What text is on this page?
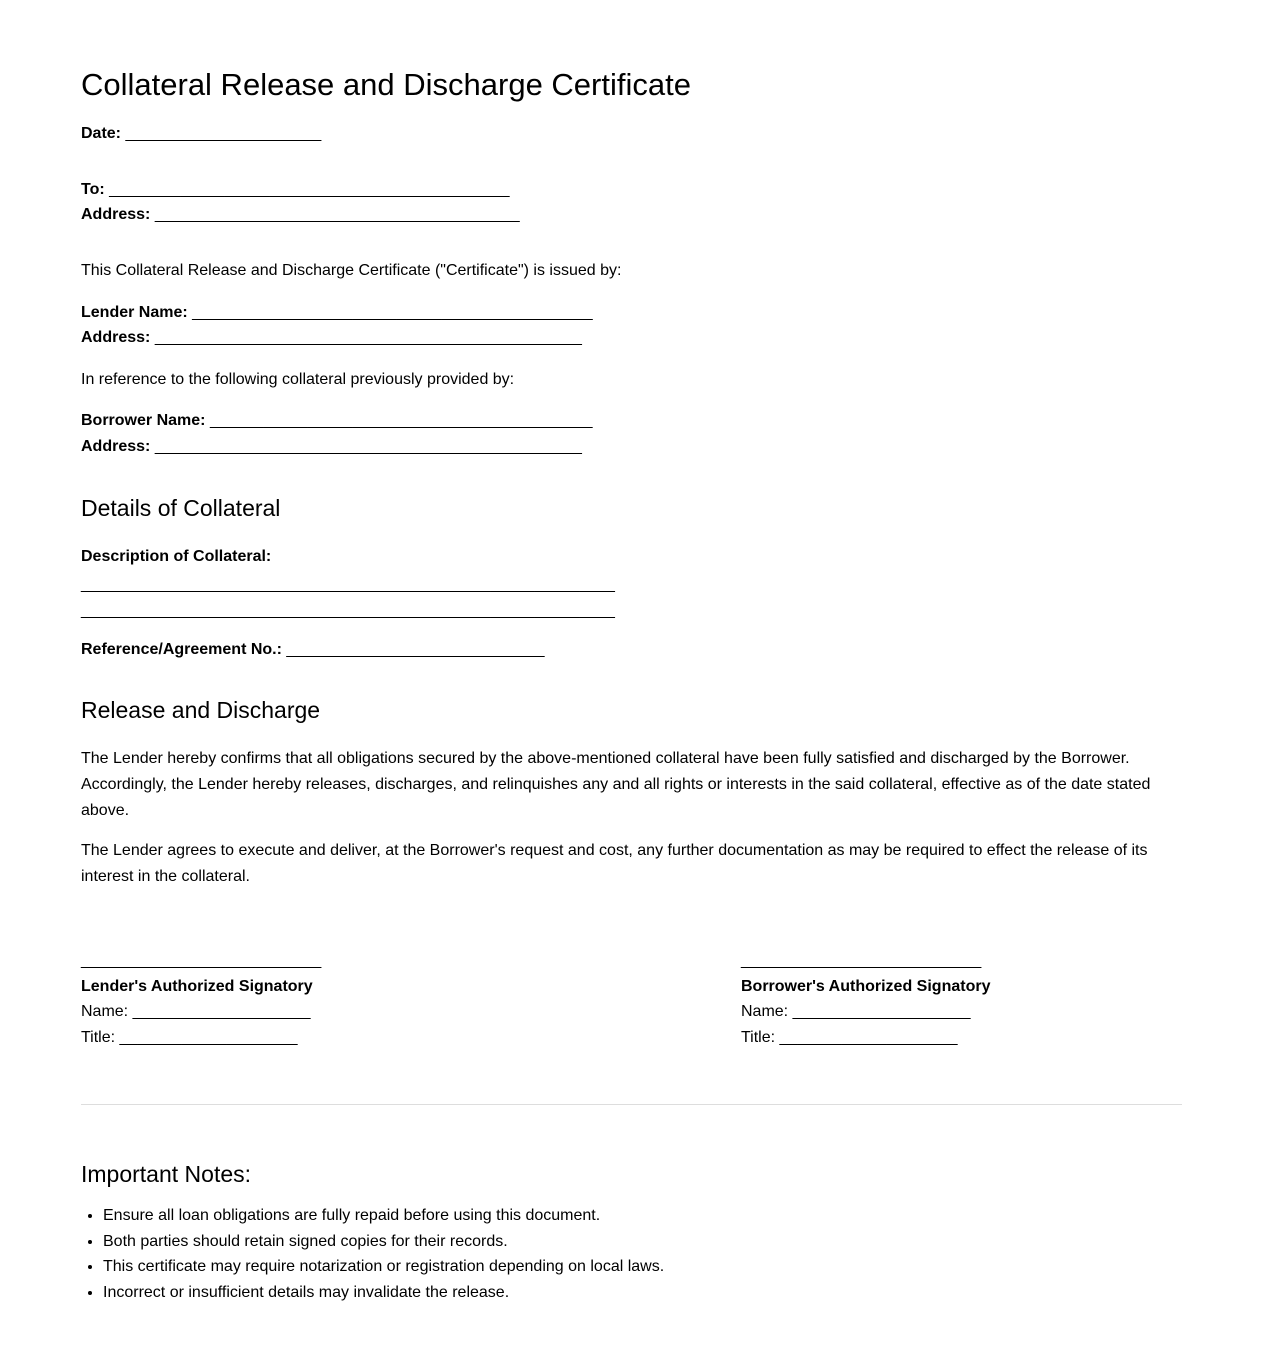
Collateral Release and Discharge Certificate
Date: ______________________
To: _____________________________________________
Address: _________________________________________
This Collateral Release and Discharge Certificate ("Certificate") is issued by:
Lender Name: _____________________________________________
Address: ________________________________________________
In reference to the following collateral previously provided by:
Borrower Name: ___________________________________________
Address: ________________________________________________
Details of Collateral
Description of Collateral:
____________________________________________________________
____________________________________________________________
Reference/Agreement No.: _____________________________
Release and Discharge

The Lender hereby confirms that all obligations secured by the above-mentioned collateral have been fully satisfied and discharged by the Borrower. Accordingly, the Lender hereby releases, discharges, and relinquishes any and all rights or interests in the said collateral, effective as of the date stated above.

The Lender agrees to execute and deliver, at the Borrower's request and cost, any further documentation as may be required to effect the release of its interest in the collateral.

___________________________
Lender's Authorized Signatory
Name: ____________________
Title: ____________________
___________________________
Borrower's Authorized Signatory
Name: ____________________
Title: ____________________
Important Notes:
• Ensure all loan obligations are fully repaid before using this document.
• Both parties should retain signed copies for their records.
• This certificate may require notarization or registration depending on local laws.
• Incorrect or insufficient details may invalidate the release.
